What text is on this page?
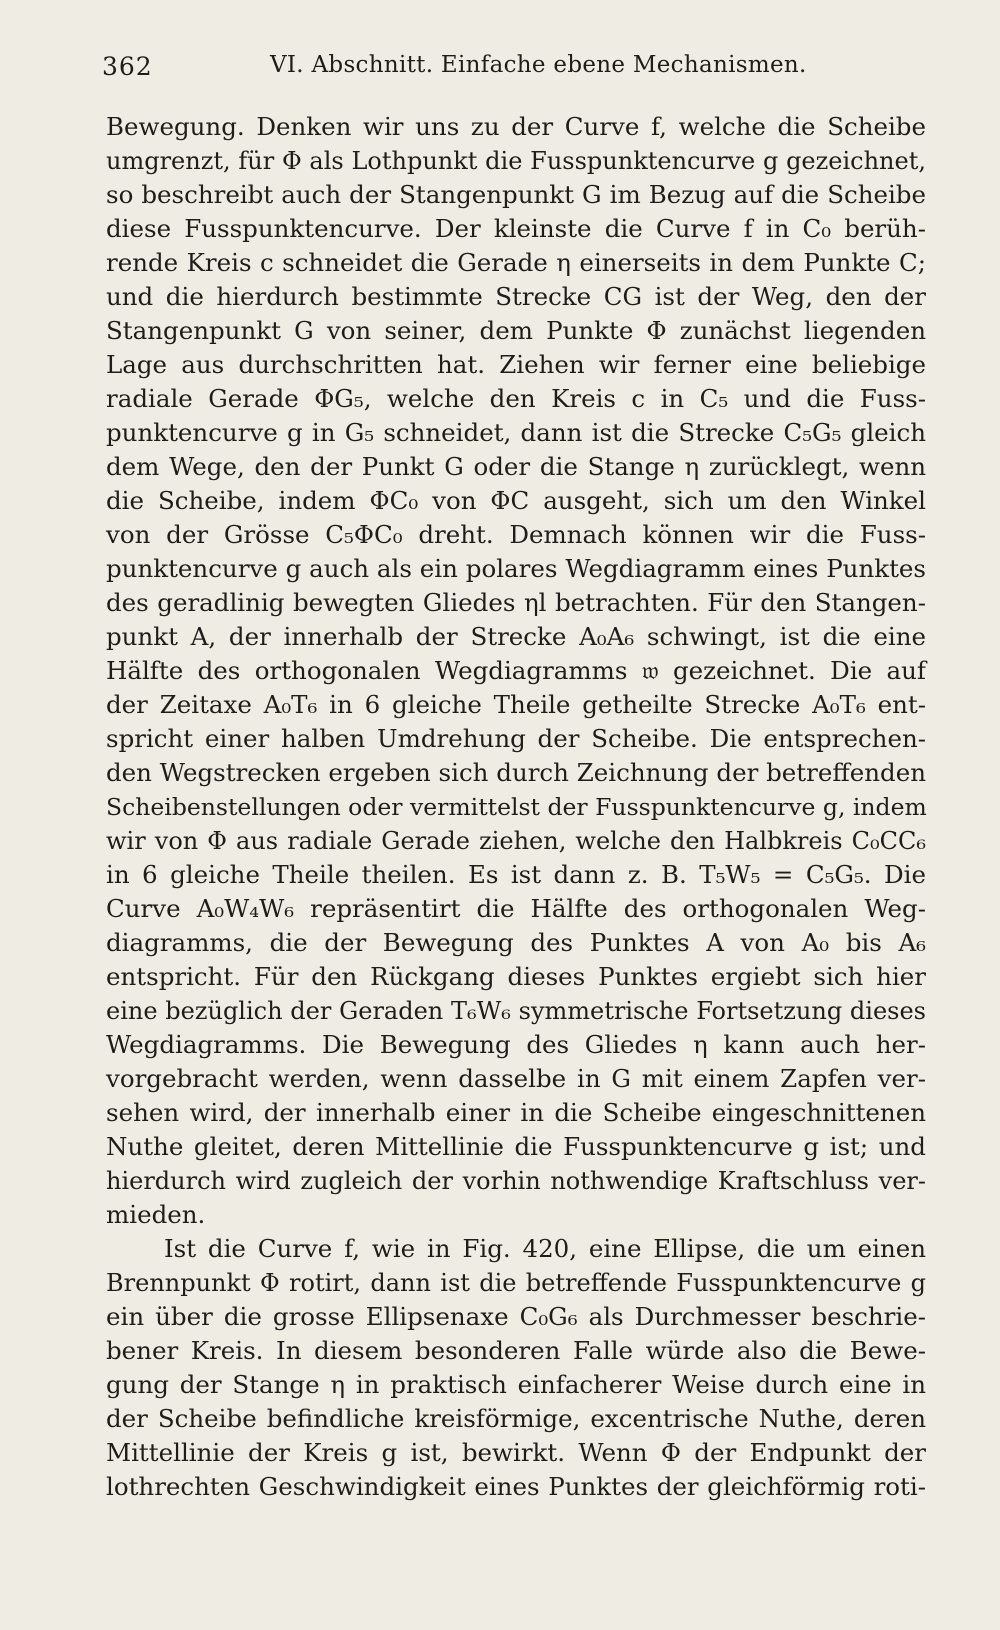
362	VI. Abschnitt. Einfache ebene Mechanismen.
Bewegung. Denken wir uns zu der Curve f, welche die Scheibe
umgrenzt, für Φ als Lothpunkt die Fusspunktencurve g gezeichnet,
so beschreibt auch der Stangenpunkt G im Bezug auf die Scheibe
diese Fusspunktencurve. Der kleinste die Curve f in C₀ berüh-
rende Kreis c schneidet die Gerade η einerseits in dem Punkte C;
und die hierdurch bestimmte Strecke CG ist der Weg, den der
Stangenpunkt G von seiner, dem Punkte Φ zunächst liegenden
Lage aus durchschritten hat. Ziehen wir ferner eine beliebige
radiale Gerade ΦG₅, welche den Kreis c in C₅ und die Fuss-
punktencurve g in G₅ schneidet, dann ist die Strecke C₅G₅ gleich
dem Wege, den der Punkt G oder die Stange η zurücklegt, wenn
die Scheibe, indem ΦC₀ von ΦC ausgeht, sich um den Winkel
von der Grösse C₅ΦC₀ dreht. Demnach können wir die Fuss-
punktencurve g auch als ein polares Wegdiagramm eines Punktes
des geradlinig bewegten Gliedes ηl betrachten. Für den Stangen-
punkt A, der innerhalb der Strecke A₀A₆ schwingt, ist die eine
Hälfte des orthogonalen Wegdiagramms 𝔴 gezeichnet. Die auf
der Zeitaxe A₀T₆ in 6 gleiche Theile getheilte Strecke A₀T₆ ent-
spricht einer halben Umdrehung der Scheibe. Die entsprechen-
den Wegstrecken ergeben sich durch Zeichnung der betreffenden
Scheibenstellungen oder vermittelst der Fusspunktencurve g, indem
wir von Φ aus radiale Gerade ziehen, welche den Halbkreis C₀CC₆
in 6 gleiche Theile theilen. Es ist dann z. B. T₅W₅ = C₅G₅. Die
Curve A₀W₄W₆ repräsentirt die Hälfte des orthogonalen Weg-
diagramms, die der Bewegung des Punktes A von A₀ bis A₆
entspricht. Für den Rückgang dieses Punktes ergiebt sich hier
eine bezüglich der Geraden T₆W₆ symmetrische Fortsetzung dieses
Wegdiagramms. Die Bewegung des Gliedes η kann auch her-
vorgebracht werden, wenn dasselbe in G mit einem Zapfen ver-
sehen wird, der innerhalb einer in die Scheibe eingeschnittenen
Nuthe gleitet, deren Mittellinie die Fusspunktencurve g ist; und
hierdurch wird zugleich der vorhin nothwendige Kraftschluss ver-
mieden.
Ist die Curve f, wie in Fig. 420, eine Ellipse, die um einen
Brennpunkt Φ rotirt, dann ist die betreffende Fusspunktencurve g
ein über die grosse Ellipsenaxe C₀G₆ als Durchmesser beschrie-
bener Kreis. In diesem besonderen Falle würde also die Bewe-
gung der Stange η in praktisch einfacherer Weise durch eine in
der Scheibe befindliche kreisförmige, excentrische Nuthe, deren
Mittellinie der Kreis g ist, bewirkt. Wenn Φ der Endpunkt der
lothrechten Geschwindigkeit eines Punktes der gleichförmig roti-
